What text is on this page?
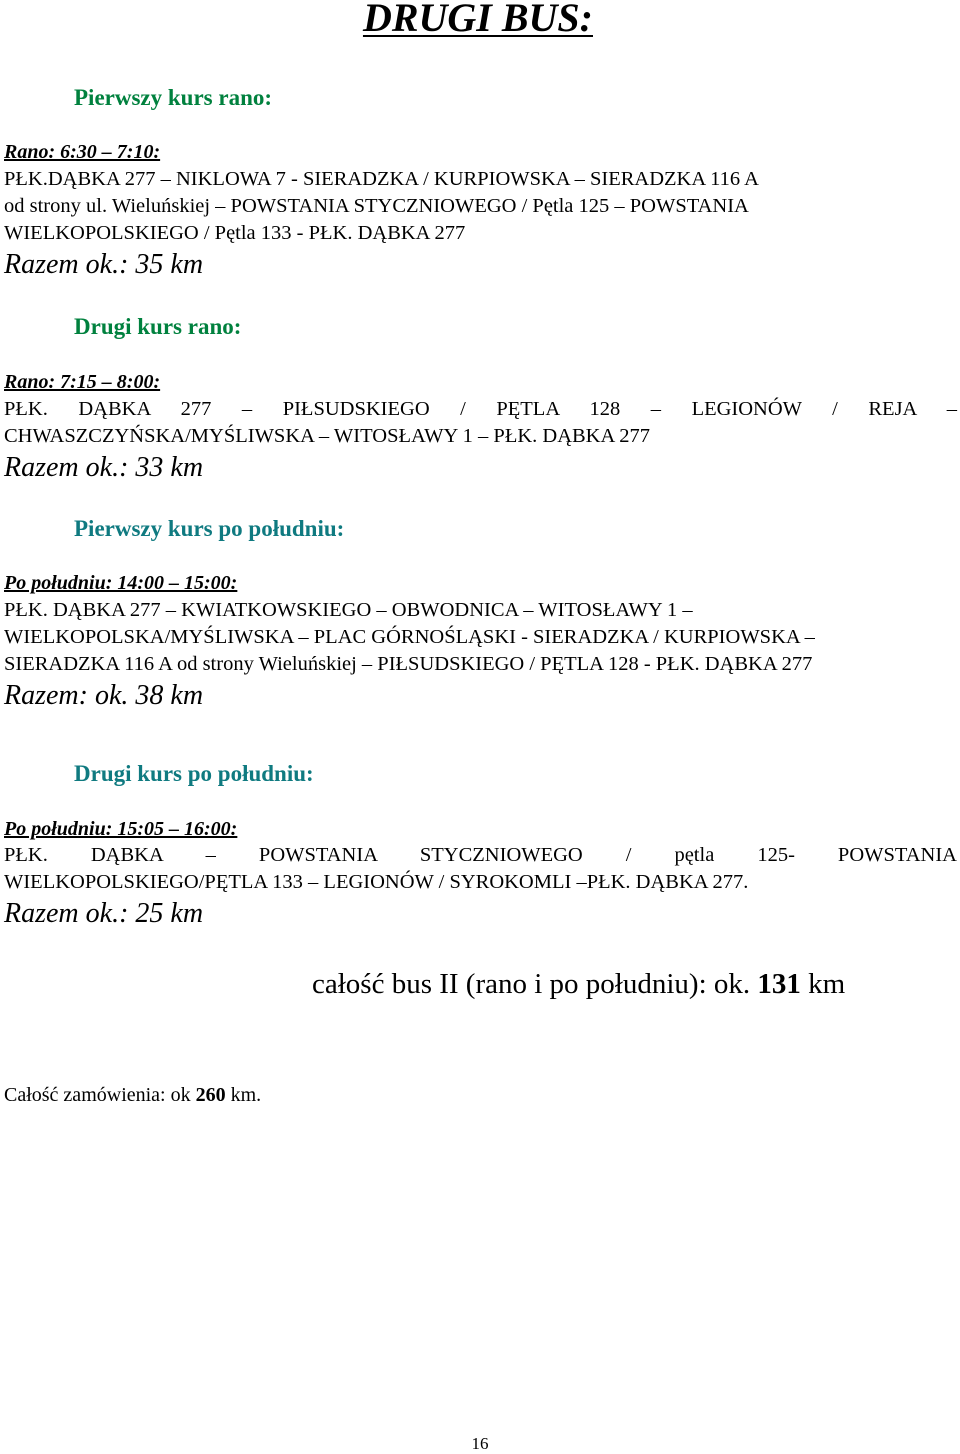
DRUGI BUS:
Pierwszy kurs rano:
Rano: 6:30 – 7:10:
PŁK.DĄBKA 277 – NIKLOWA 7 - SIERADZKA / KURPIOWSKA – SIERADZKA 116 A
od strony ul. Wieluńskiej – POWSTANIA STYCZNIOWEGO / Pętla 125 – POWSTANIA
WIELKOPOLSKIEGO / Pętla 133 - PŁK. DĄBKA 277
Razem ok.: 35 km
Drugi kurs rano:
Rano: 7:15 – 8:00:
PŁK. DĄBKA 277 – PIŁSUDSKIEGO / PĘTLA 128 – LEGIONÓW / REJA –
CHWASZCZYŃSKA/MYŚLIWSKA – WITOSŁAWY 1 – PŁK. DĄBKA 277
Razem ok.: 33 km
Pierwszy kurs po południu:
Po południu: 14:00 – 15:00:
PŁK. DĄBKA 277 – KWIATKOWSKIEGO – OBWODNICA – WITOSŁAWY 1 –
WIELKOPOLSKA/MYŚLIWSKA – PLAC GÓRNOŚLĄSKI - SIERADZKA / KURPIOWSKA –
SIERADZKA 116 A od strony Wieluńskiej – PIŁSUDSKIEGO / PĘTLA 128 - PŁK. DĄBKA 277
Razem: ok. 38 km
Drugi kurs po południu:
Po południu: 15:05 – 16:00:
PŁK. DĄBKA – POWSTANIA STYCZNIOWEGO / pętla 125- POWSTANIA
WIELKOPOLSKIEGO/PĘTLA 133 – LEGIONÓW / SYROKOMLI –PŁK. DĄBKA 277.
Razem ok.: 25 km
całość bus II (rano i po południu): ok. 131 km
Całość zamówienia: ok 260 km.
16
